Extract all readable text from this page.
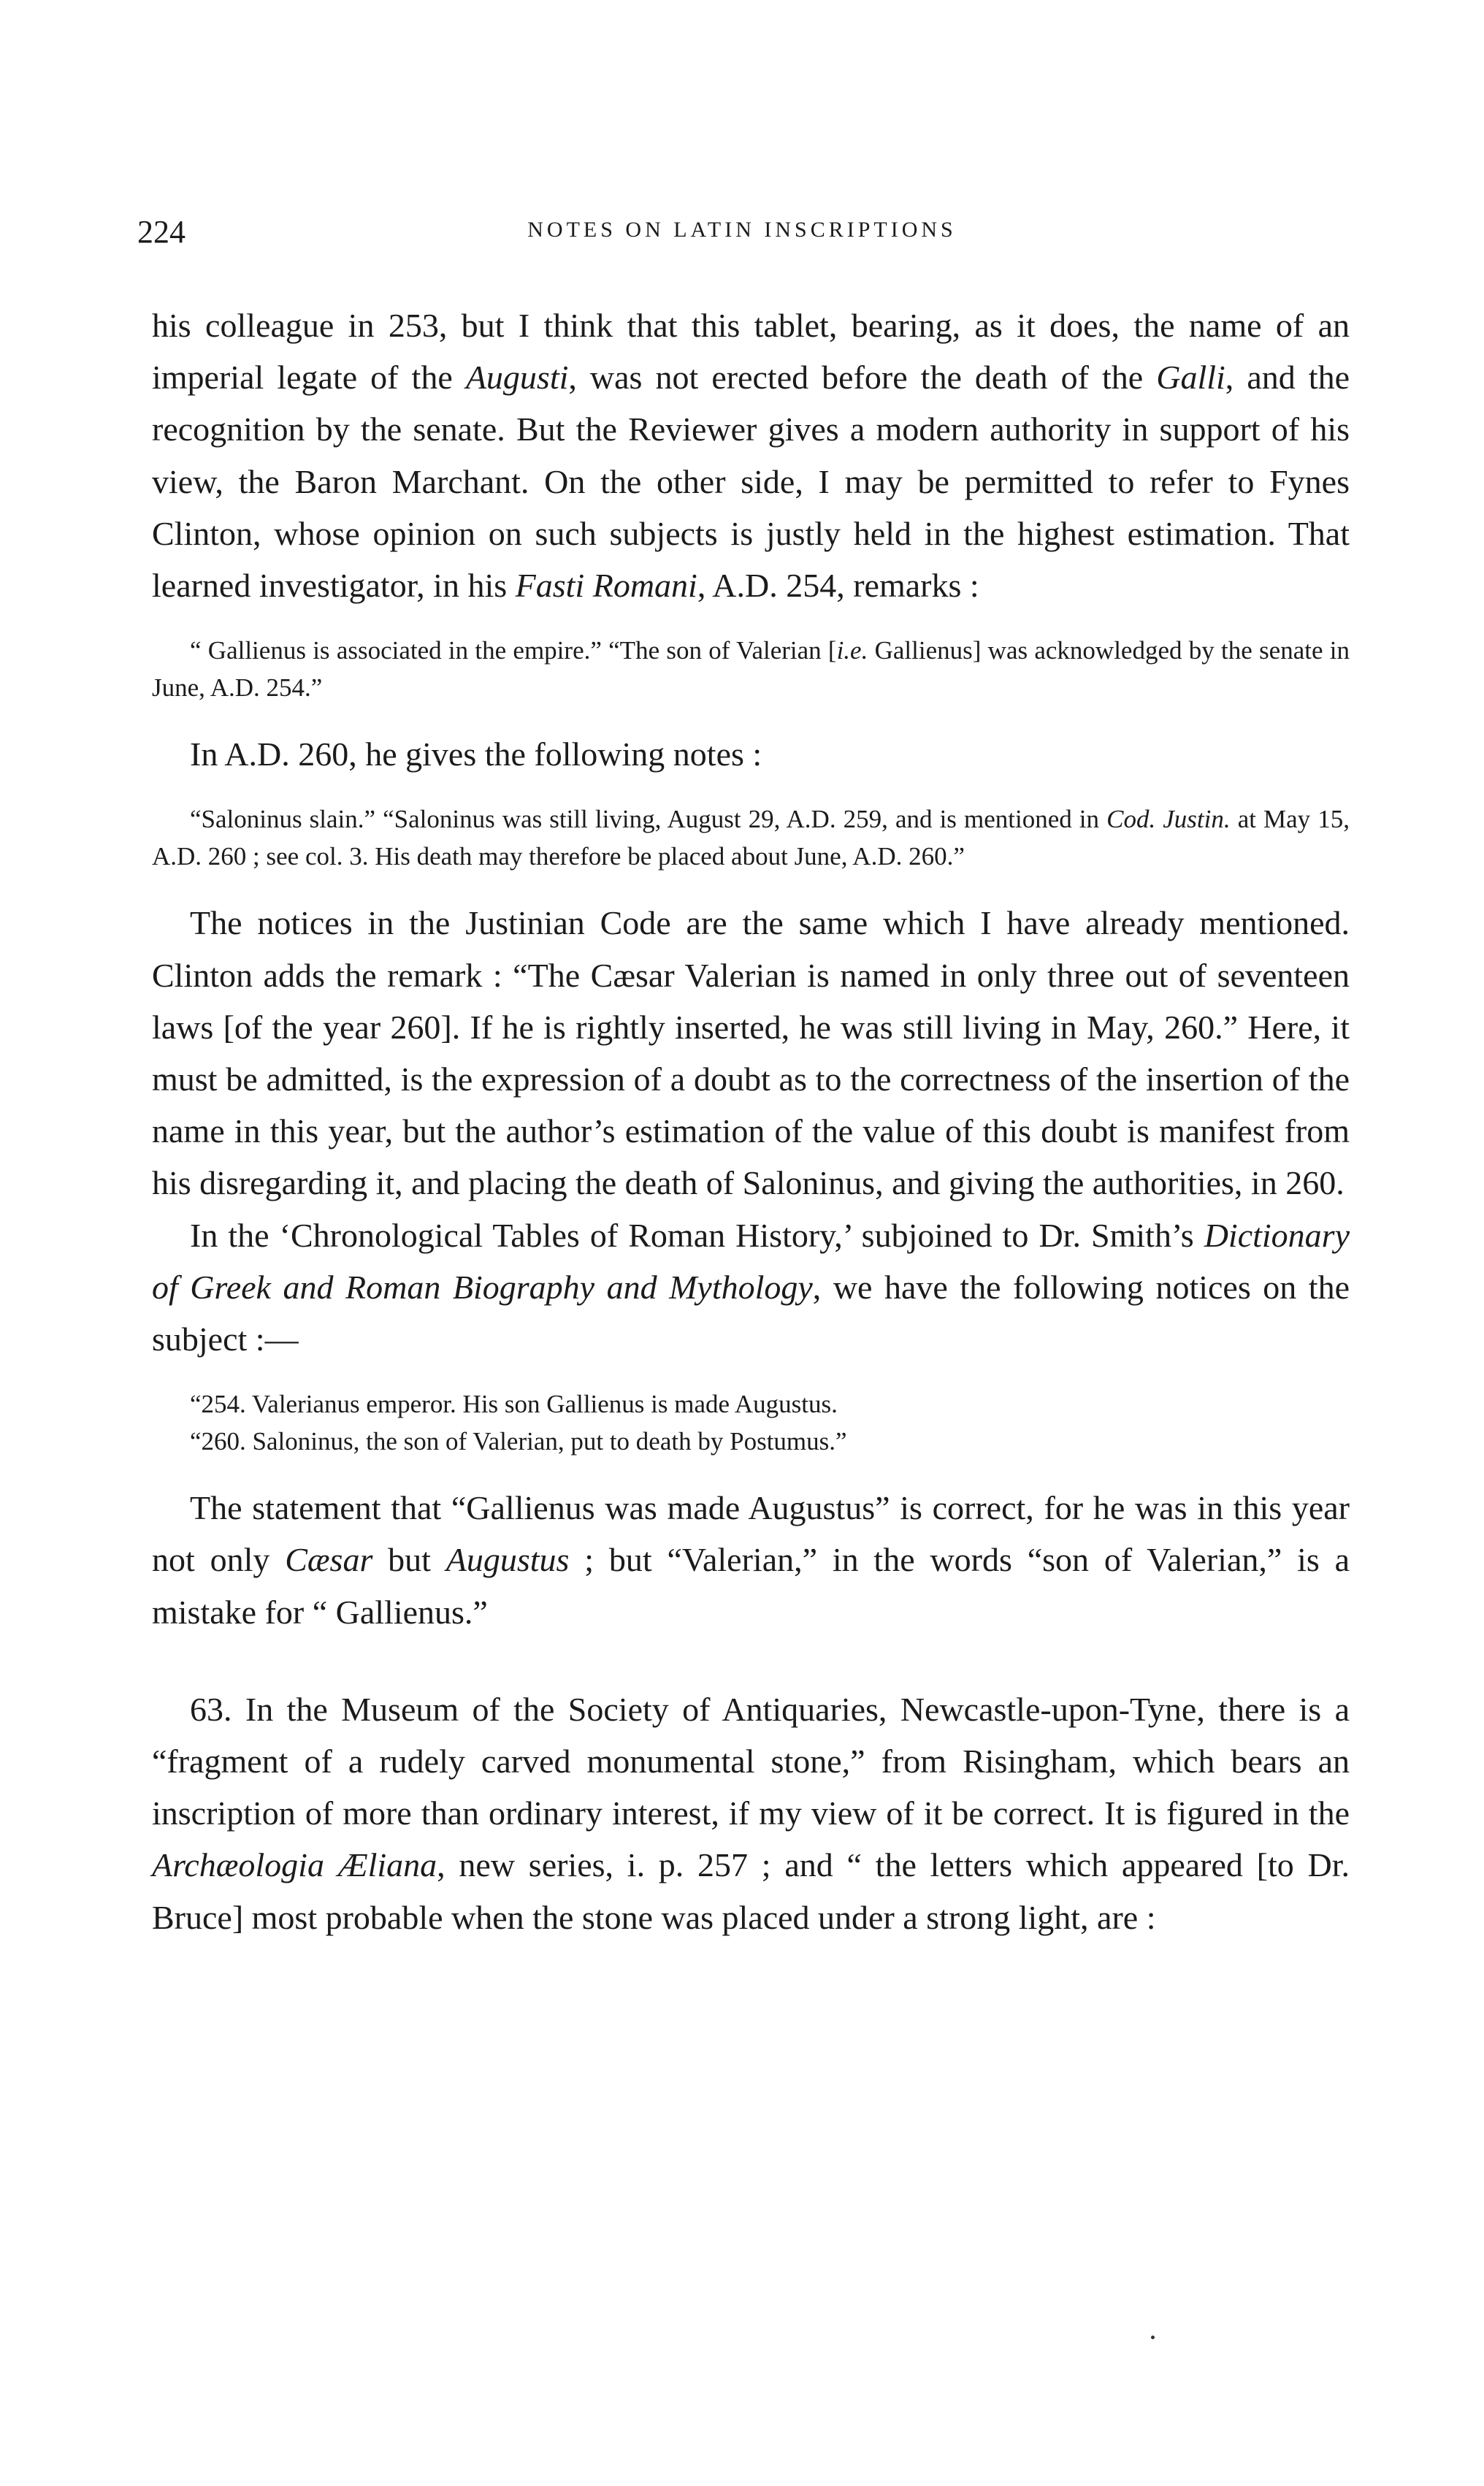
224	NOTES ON LATIN INSCRIPTIONS

his colleague in 253, but I think that this tablet, bearing, as it does, the name of an imperial legate of the Augusti, was not erected before the death of the Galli, and the recognition by the senate. But the Reviewer gives a modern authority in support of his view, the Baron Marchant. On the other side, I may be permitted to refer to Fynes Clinton, whose opinion on such subjects is justly held in the highest estimation. That learned investigator, in his Fasti Romani, A.D. 254, remarks :

“ Gallienus is associated in the empire.” “The son of Valerian [i.e. Gallienus] was acknowledged by the senate in June, A.D. 254.”

In A.D. 260, he gives the following notes :

“Saloninus slain.” “Saloninus was still living, August 29, A.D. 259, and is mentioned in Cod. Justin. at May 15, A.D. 260 ; see col. 3. His death may therefore be placed about June, A.D. 260.”

The notices in the Justinian Code are the same which I have already mentioned. Clinton adds the remark : “The Cæsar Valerian is named in only three out of seventeen laws [of the year 260]. If he is rightly inserted, he was still living in May, 260.” Here, it must be admitted, is the expression of a doubt as to the correctness of the insertion of the name in this year, but the author’s estimation of the value of this doubt is manifest from his disregarding it, and placing the death of Saloninus, and giving the authorities, in 260.

In the ‘Chronological Tables of Roman History,’ subjoined to Dr. Smith’s Dictionary of Greek and Roman Biography and Mythology, we have the following notices on the subject :—

“254. Valerianus emperor. His son Gallienus is made Augustus.

“260. Saloninus, the son of Valerian, put to death by Postumus.”

The statement that “Gallienus was made Augustus” is correct, for he was in this year not only Cæsar but Augustus ; but “Valerian,” in the words “son of Valerian,” is a mistake for “ Gallienus.”

63. In the Museum of the Society of Antiquaries, Newcastle-upon-Tyne, there is a “fragment of a rudely carved monumental stone,” from Risingham, which bears an inscription of more than ordinary interest, if my view of it be correct. It is figured in the Archæologia Æliana, new series, i. p. 257 ; and “ the letters which appeared [to Dr. Bruce] most probable when the stone was placed under a strong light, are :
